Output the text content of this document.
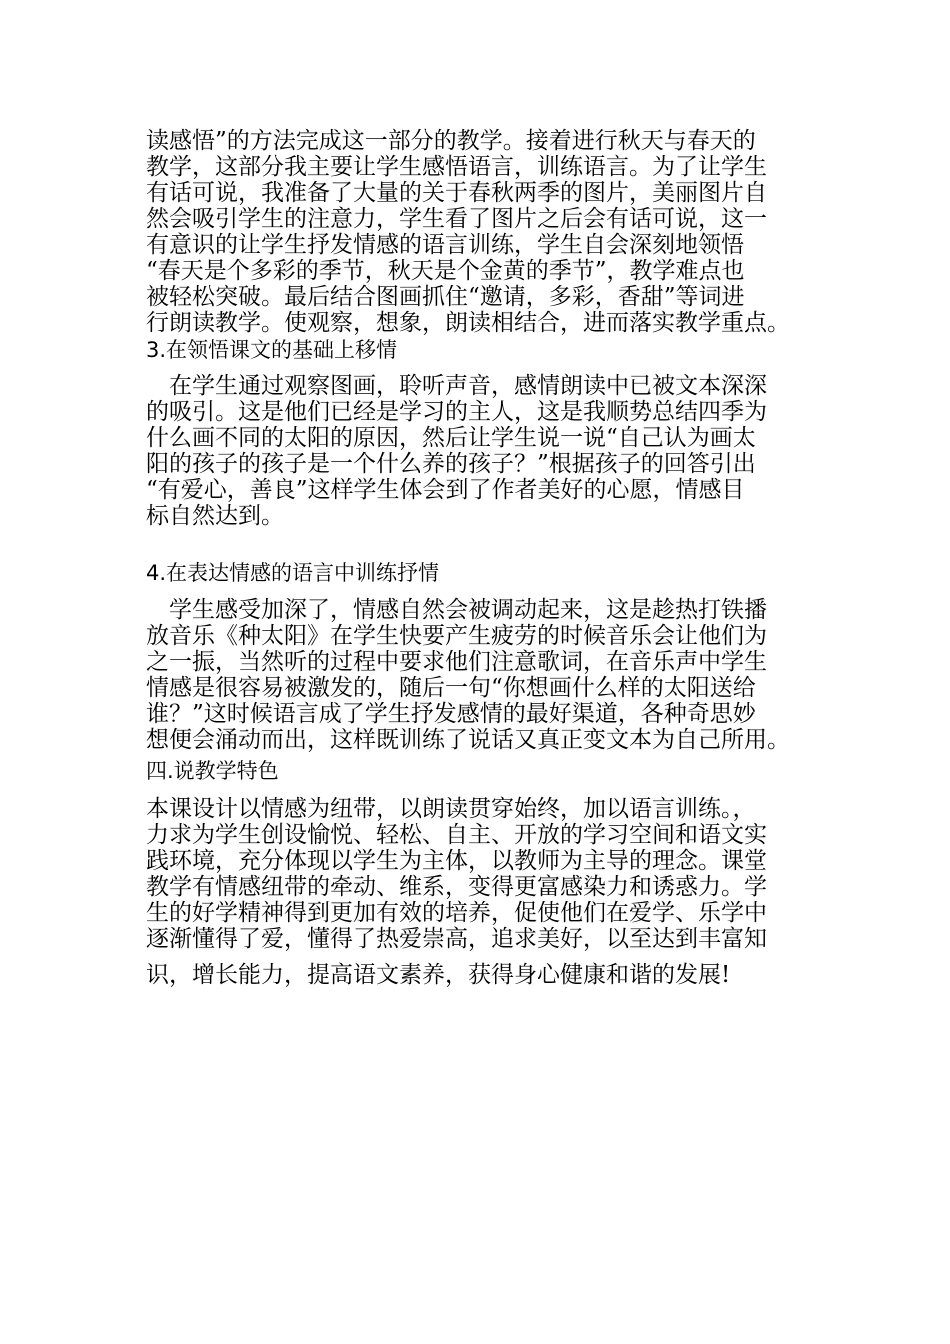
读感悟”的方法完成这一部分的教学。接着进行秋天与春天的
教学，这部分我主要让学生感悟语言，训练语言。为了让学生
有话可说，我准备了大量的关于春秋两季的图片，美丽图片自
然会吸引学生的注意力，学生看了图片之后会有话可说，这一
有意识的让学生抒发情感的语言训练，学生自会深刻地领悟
“春天是个多彩的季节，秋天是个金黄的季节”，教学难点也
被轻松突破。最后结合图画抓住“邀请，多彩，香甜”等词进
行朗读教学。使观察，想象，朗读相结合，进而落实教学重点。
3.在领悟课文的基础上移情
　在学生通过观察图画，聆听声音，感情朗读中已被文本深深
的吸引。这是他们已经是学习的主人，这是我顺势总结四季为
什么画不同的太阳的原因，然后让学生说一说“自己认为画太
阳的孩子的孩子是一个什么养的孩子？”根据孩子的回答引出
“有爱心，善良”这样学生体会到了作者美好的心愿，情感目
标自然达到。
4.在表达情感的语言中训练抒情
　学生感受加深了，情感自然会被调动起来，这是趁热打铁播
放音乐《种太阳》在学生快要产生疲劳的时候音乐会让他们为
之一振，当然听的过程中要求他们注意歌词，在音乐声中学生
情感是很容易被激发的，随后一句“你想画什么样的太阳送给
谁？”这时候语言成了学生抒发感情的最好渠道，各种奇思妙
想便会涌动而出，这样既训练了说话又真正变文本为自己所用。
四.说教学特色
本课设计以情感为纽带，以朗读贯穿始终，加以语言训练。，
力求为学生创设愉悦、轻松、自主、开放的学习空间和语文实
践环境，充分体现以学生为主体，以教师为主导的理念。课堂
教学有情感纽带的牵动、维系，变得更富感染力和诱惑力。学
生的好学精神得到更加有效的培养，促使他们在爱学、乐学中
逐渐懂得了爱，懂得了热爱崇高，追求美好，以至达到丰富知
识，增长能力，提高语文素养，获得身心健康和谐的发展!
